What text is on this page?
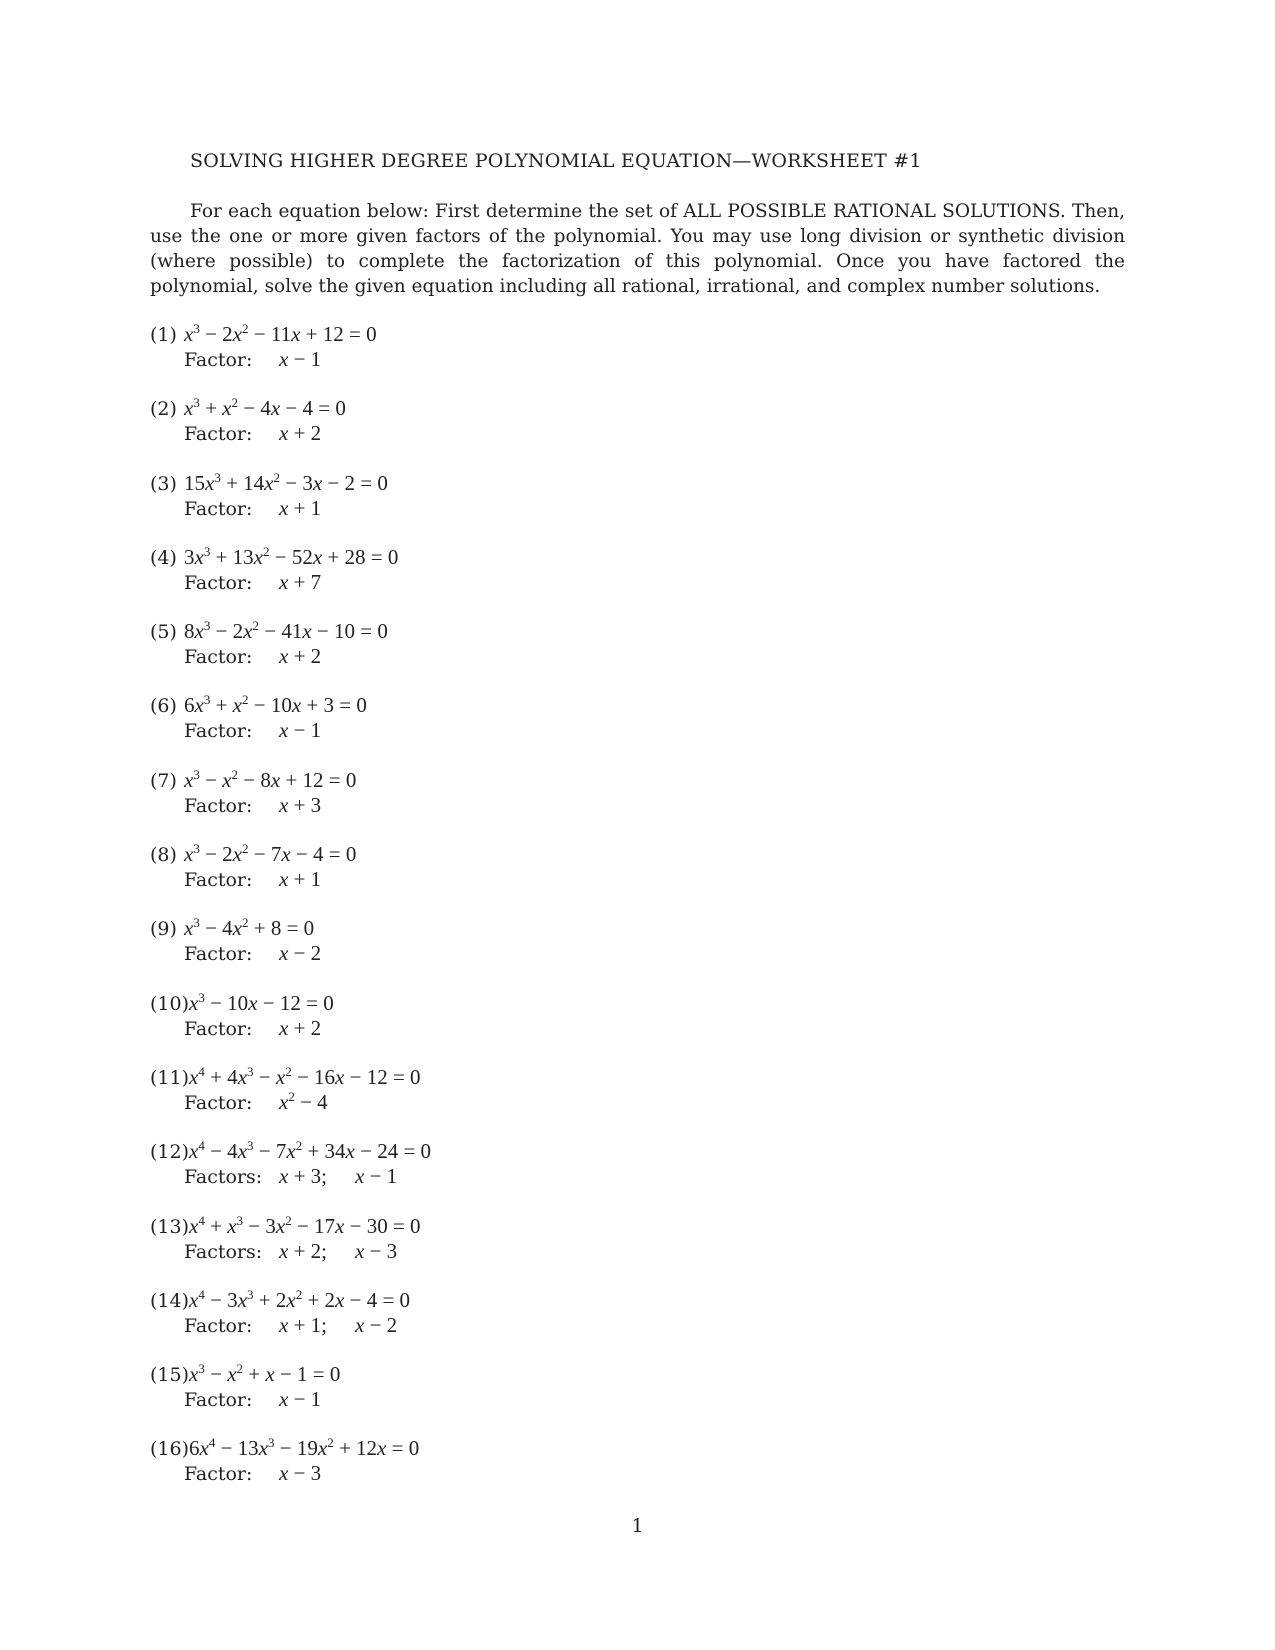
SOLVING HIGHER DEGREE POLYNOMIAL EQUATION—WORKSHEET #1
For each equation below: First determine the set of ALL POSSIBLE RATIONAL SOLUTIONS. Then, use the one or more given factors of the polynomial. You may use long division or synthetic division (where possible) to complete the factorization of this polynomial. Once you have factored the polynomial, solve the given equation including all rational, irrational, and complex number solutions.
(1) $x^3 - 2x^2 - 11x + 12 = 0$
Factor: x − 1
(2) $x^3 + x^2 - 4x - 4 = 0$
Factor: x + 2
(3) $15x^3 + 14x^2 - 3x - 2 = 0$
Factor: x + 1
(4) $3x^3 + 13x^2 - 52x + 28 = 0$
Factor: x + 7
(5) $8x^3 - 2x^2 - 41x - 10 = 0$
Factor: x + 2
(6) $6x^3 + x^2 - 10x + 3 = 0$
Factor: x − 1
(7) $x^3 - x^2 - 8x + 12 = 0$
Factor: x + 3
(8) $x^3 - 2x^2 - 7x - 4 = 0$
Factor: x + 1
(9) $x^3 - 4x^2 + 8 = 0$
Factor: x − 2
$(10)x^3 - 10x - 12 = 0$
Factor: x + 2
$(11)x^4 + 4x^3 - x^2 - 16x - 12 = 0$
Factor: $x^2 - 4$
$(12)x^4 - 4x^3 - 7x^2 + 34x - 24 = 0$
Factors: x + 3; x − 1
$(13)x^4 + x^3 - 3x^2 - 17x - 30 = 0$
Factors: x + 2; x − 3
$(14)x^4 - 3x^3 + 2x^2 + 2x - 4 = 0$
Factor: x + 1; x − 2
$(15)x^3 - x^2 + x - 1 = 0$
Factor: x − 1
$(16)6x^4 - 13x^3 - 19x^2 + 12x = 0$
Factor: x − 3
1
